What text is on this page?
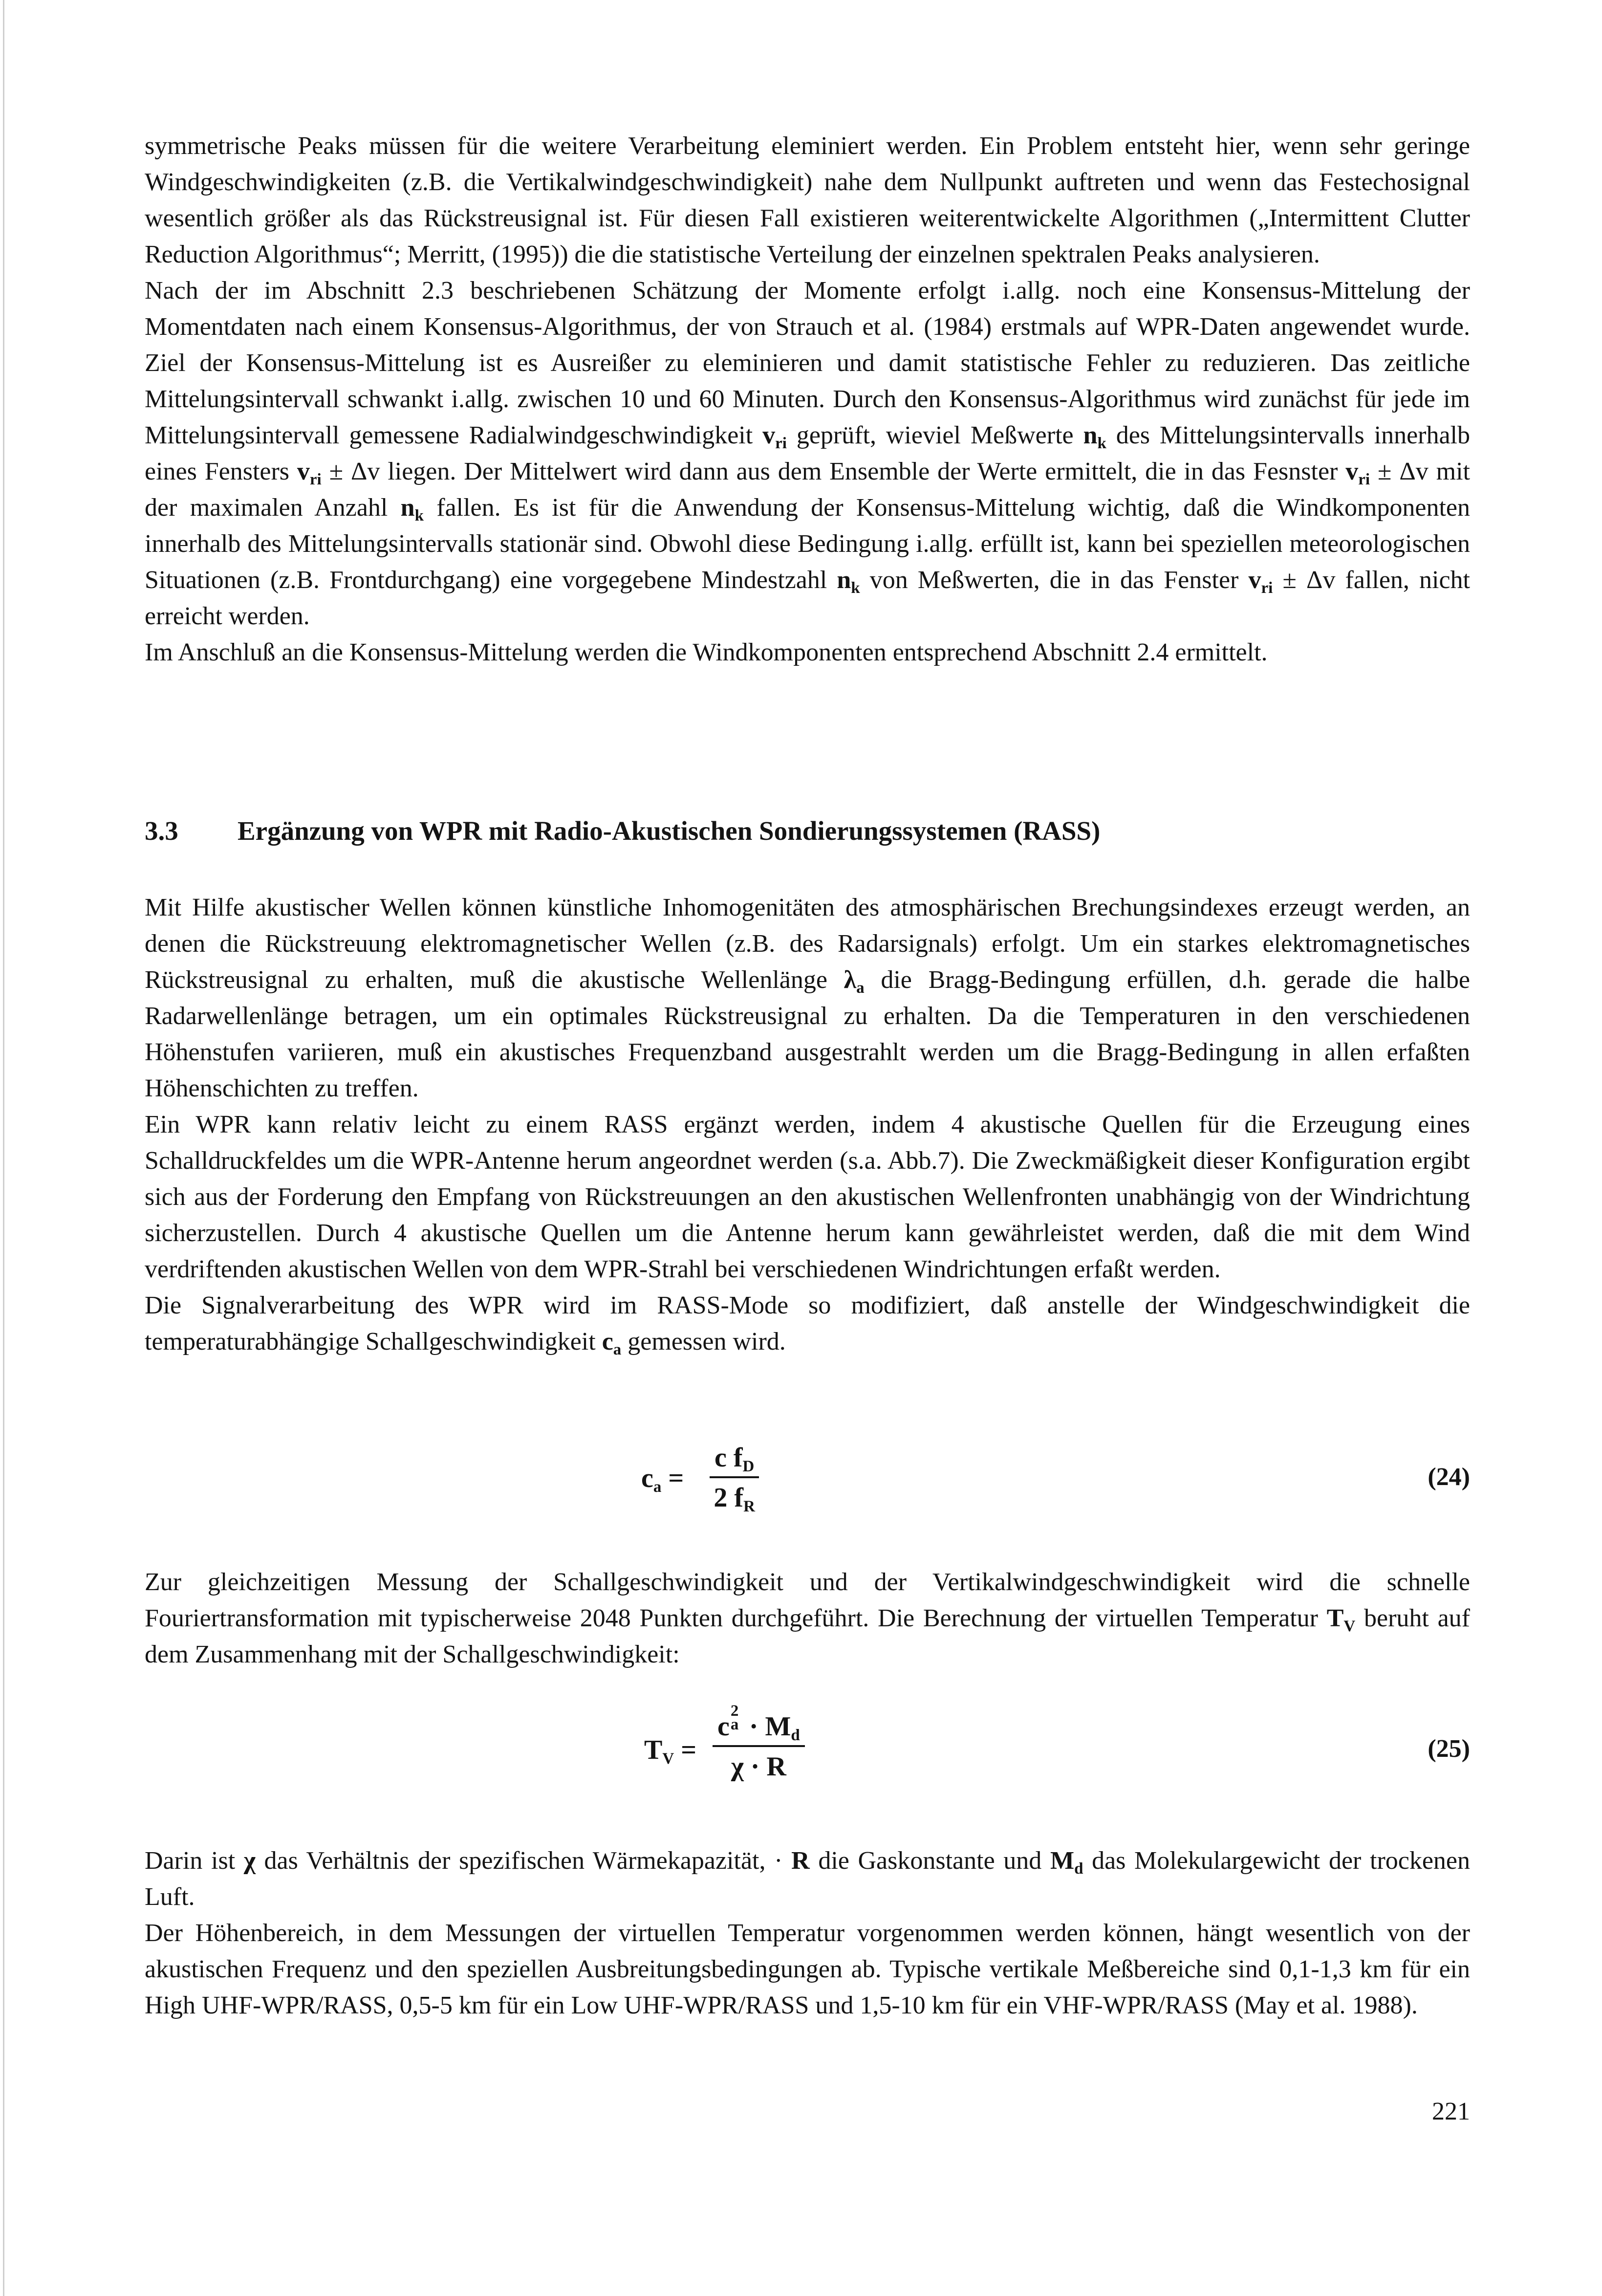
symmetrische Peaks müssen für die weitere Verarbeitung eleminiert werden. Ein Problem entsteht hier, wenn sehr geringe Windgeschwindigkeiten (z.B. die Vertikalwindgeschwindigkeit) nahe dem Nullpunkt auftreten und wenn das Festechosignal wesentlich größer als das Rückstreusignal ist. Für diesen Fall existieren weiterentwickelte Algorithmen („Intermittent Clutter Reduction Algorithmus“; Merritt, (1995)) die die statistische Verteilung der einzelnen spektralen Peaks analysieren.

Nach der im Abschnitt 2.3 beschriebenen Schätzung der Momente erfolgt i.allg. noch eine Konsensus-Mittelung der Momentdaten nach einem Konsensus-Algorithmus, der von Strauch et al. (1984) erstmals auf WPR-Daten angewendet wurde. Ziel der Konsensus-Mittelung ist es Ausreißer zu eleminieren und damit statistische Fehler zu reduzieren. Das zeitliche Mittelungsintervall schwankt i.allg. zwischen 10 und 60 Minuten. Durch den Konsensus-Algorithmus wird zunächst für jede im Mittelungsintervall gemessene Radialwindgeschwindigkeit $v_{ri}$ geprüft, wieviel Meßwerte $n_k$ des Mittelungsintervalls innerhalb eines Fensters $v_{ri} \pm \Delta v$ liegen. Der Mittelwert wird dann aus dem Ensemble der Werte ermittelt, die in das Fesnster $v_{ri} \pm \Delta v$ mit der maximalen Anzahl $n_k$ fallen. Es ist für die Anwendung der Konsensus-Mittelung wichtig, daß die Windkomponenten innerhalb des Mittelungsintervalls stationär sind. Obwohl diese Bedingung i.allg. erfüllt ist, kann bei speziellen meteorologischen Situationen (z.B. Frontdurchgang) eine vorgegebene Mindestzahl $n_k$ von Meßwerten, die in das Fenster $v_{ri} \pm \Delta v$ fallen, nicht erreicht werden.

Im Anschluß an die Konsensus-Mittelung werden die Windkomponenten entsprechend Abschnitt 2.4 ermittelt.

3.3 Ergänzung von WPR mit Radio-Akustischen Sondierungssystemen (RASS)

Mit Hilfe akustischer Wellen können künstliche Inhomogenitäten des atmosphärischen Brechungsindexes erzeugt werden, an denen die Rückstreuung elektromagnetischer Wellen (z.B. des Radarsignals) erfolgt. Um ein starkes elektromagnetisches Rückstreusignal zu erhalten, muß die akustische Wellenlänge $\lambda_a$ die Bragg-Bedingung erfüllen, d.h. gerade die halbe Radarwellenlänge betragen, um ein optimales Rückstreusignal zu erhalten. Da die Temperaturen in den verschiedenen Höhenstufen variieren, muß ein akustisches Frequenzband ausgestrahlt werden um die Bragg-Bedingung in allen erfaßten Höhenschichten zu treffen.

Ein WPR kann relativ leicht zu einem RASS ergänzt werden, indem 4 akustische Quellen für die Erzeugung eines Schalldruckfeldes um die WPR-Antenne herum angeordnet werden (s.a. Abb.7). Die Zweckmäßigkeit dieser Konfiguration ergibt sich aus der Forderung den Empfang von Rückstreuungen an den akustischen Wellenfronten unabhängig von der Windrichtung sicherzustellen. Durch 4 akustische Quellen um die Antenne herum kann gewährleistet werden, daß die mit dem Wind verdriftenden akustischen Wellen von dem WPR-Strahl bei verschiedenen Windrichtungen erfaßt werden.

Die Signalverarbeitung des WPR wird im RASS-Mode so modifiziert, daß anstelle der Windgeschwindigkeit die temperaturabhängige Schallgeschwindigkeit $c_a$ gemessen wird.

$c_a = \frac{c f_D}{2 f_R}$	(24)

Zur gleichzeitigen Messung der Schallgeschwindigkeit und der Vertikalwindgeschwindigkeit wird die schnelle Fouriertransformation mit typischerweise 2048 Punkten durchgeführt. Die Berechnung der virtuellen Temperatur $T_V$ beruht auf dem Zusammenhang mit der Schallgeschwindigkeit:

$T_V = c$
2
$a \cdot M_d$
χ · R	(25)

Darin ist χ das Verhältnis der spezifischen Wärmekapazität, · R die Gaskonstante und $M_d$ das Molekulargewicht der trockenen Luft.

Der Höhenbereich, in dem Messungen der virtuellen Temperatur vorgenommen werden können, hängt wesentlich von der akustischen Frequenz und den speziellen Ausbreitungsbedingungen ab. Typische vertikale Meßbereiche sind 0,1-1,3 km für ein High UHF-WPR/RASS, 0,5-5 km für ein Low UHF-WPR/RASS und 1,5-10 km für ein VHF-WPR/RASS (May et al. 1988).

221
